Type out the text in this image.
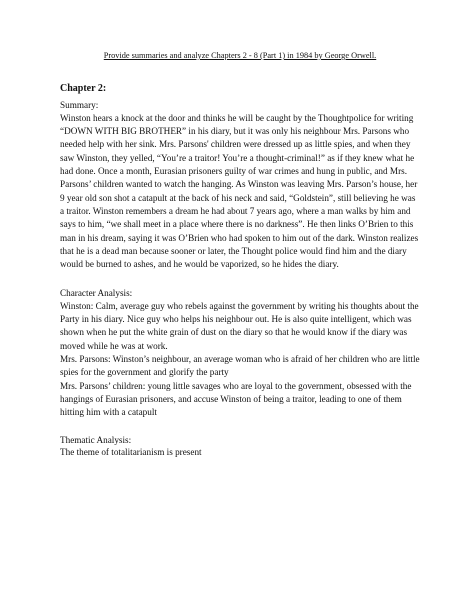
Provide summaries and analyze Chapters 2 - 8 (Part 1) in 1984 by George Orwell.
Chapter 2:
Summary:

Winston hears a knock at the door and thinks he will be caught by the Thoughtpolice for writing “DOWN WITH BIG BROTHER” in his diary, but it was only his neighbour Mrs. Parsons who needed help with her sink. Mrs. Parsons' children were dressed up as little spies, and when they saw Winston, they yelled, “You’re a traitor! You’re a thought-criminal!” as if they knew what he had done. Once a month, Eurasian prisoners guilty of war crimes and hung in public, and Mrs. Parsons’ children wanted to watch the hanging. As Winston was leaving Mrs. Parson’s house, her 9 year old son shot a catapult at the back of his neck and said, “Goldstein”, still believing he was a traitor. Winston remembers a dream he had about 7 years ago, where a man walks by him and says to him, “we shall meet in a place where there is no darkness”. He then links O’Brien to this man in his dream, saying it was O’Brien who had spoken to him out of the dark. Winston realizes that he is a dead man because sooner or later, the Thought police would find him and the diary would be burned to ashes, and he would be vaporized, so he hides the diary.

Character Analysis:

Winston: Calm, average guy who rebels against the government by writing his thoughts about the Party in his diary. Nice guy who helps his neighbour out. He is also quite intelligent, which was shown when he put the white grain of dust on the diary so that he would know if the diary was moved while he was at work.

Mrs. Parsons: Winston’s neighbour, an average woman who is afraid of her children who are little spies for the government and glorify the party

Mrs. Parsons’ children: young little savages who are loyal to the government, obsessed with the hangings of Eurasian prisoners, and accuse Winston of being a traitor, leading to one of them hitting him with a catapult

Thematic Analysis:

The theme of totalitarianism is present
